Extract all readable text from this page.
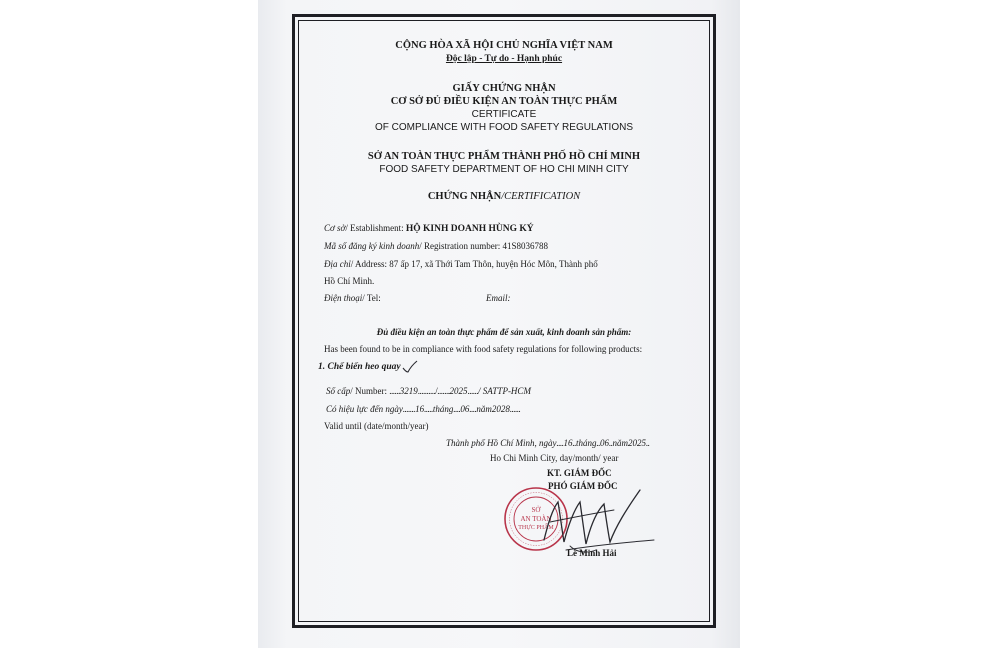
CỘNG HÒA XÃ HỘI CHỦ NGHĨA VIỆT NAM
Độc lập - Tự do - Hạnh phúc
GIẤY CHỨNG NHẬN
CƠ SỞ ĐỦ ĐIỀU KIỆN AN TOÀN THỰC PHẨM
CERTIFICATE
OF COMPLIANCE WITH FOOD SAFETY REGULATIONS
SỞ AN TOÀN THỰC PHẨM THÀNH PHỐ HỒ CHÍ MINH
FOOD SAFETY DEPARTMENT OF HO CHI MINH CITY
CHỨNG NHẬN/CERTIFICATION
Cơ sở/ Establishment: HỘ KINH DOANH HÙNG KÝ
Mã số đăng ký kinh doanh/ Registration number: 41S8036788
Địa chỉ/ Address: 87 ấp 17, xã Thới Tam Thôn, huyện Hóc Môn, Thành phố
Hồ Chí Minh.
Điện thoại/ Tel:	Email:
Đủ điều kiện an toàn thực phẩm để sản xuất, kinh doanh sản phẩm:
Has been found to be in compliance with food safety regulations for following products:
1. Chế biến heo quay
Số cấp/ Number: ......3219........../.......2025....../ SATTP-HCM
Có hiệu lực đến ngày.......16.....tháng....06....năm2028......
Valid until (date/month/year)
Thành phố Hồ Chí Minh, ngày....16..tháng..06..năm2025..
Ho Chi Minh City, day/month/ year
KT. GIÁM ĐỐC
PHÓ GIÁM ĐỐC
SỞ
AN TOÀN
THỰC PHẨM
Lê Minh Hải
